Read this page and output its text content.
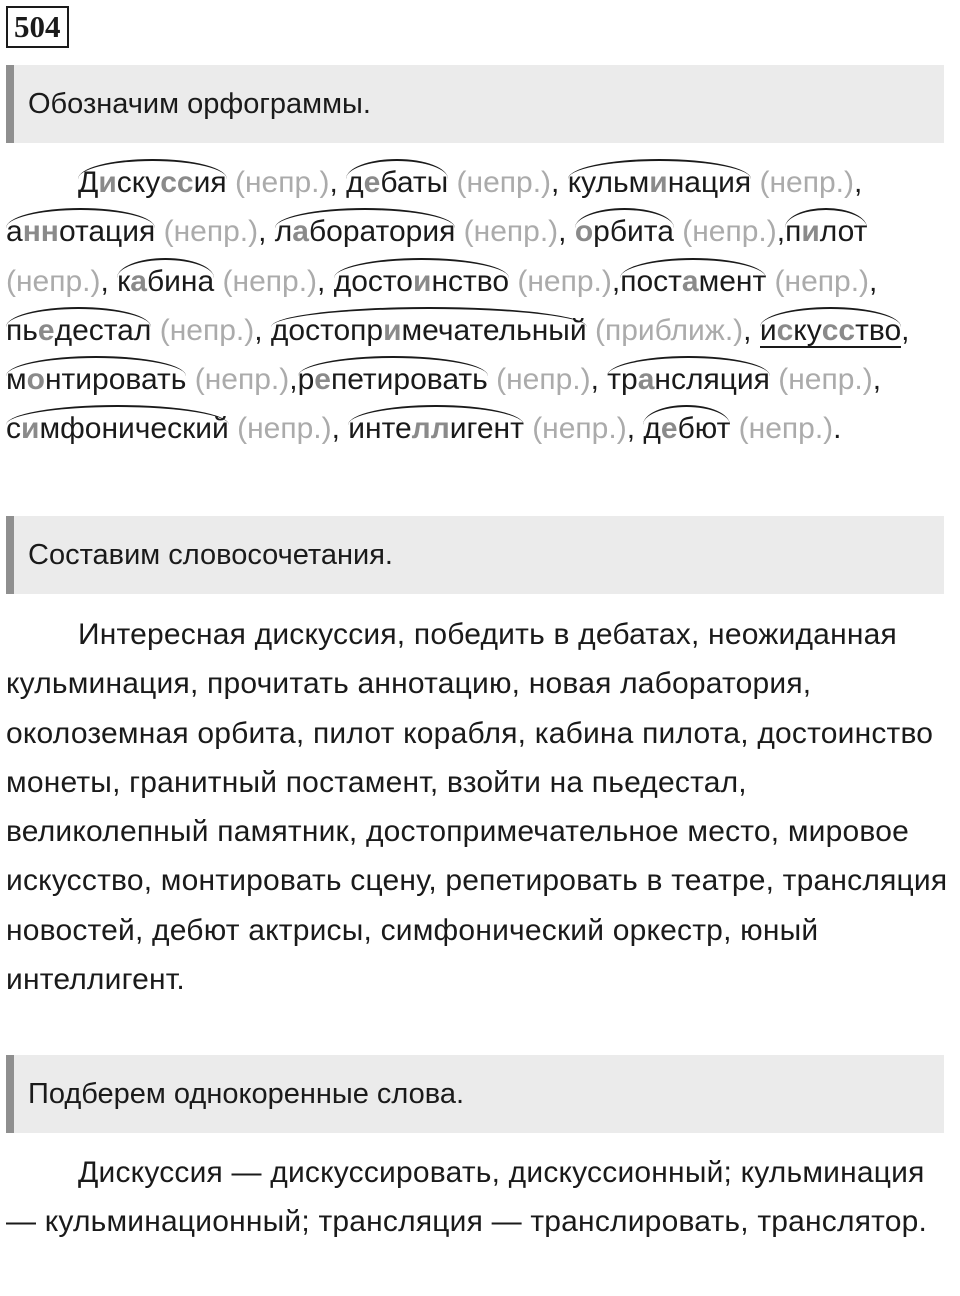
504
Обозначим орфограммы.

Дискуссия (непр.), дебаты (непр.), кульминация (непр.),аннотация (непр.), лаборатория (непр.), орбита (непр.),пилот (непр.), кабина (непр.), достоинство (непр.),постамент (непр.), пьедестал (непр.), достопримечательный (приближ.), искусство, монтировать (непр.),репетировать (непр.), трансляция (непр.),симфонический (непр.), интеллигент (непр.), дебют (непр.).

Составим словосочетания.

Интересная дискуссия, победить в дебатах, неожиданная кульминация, прочитать аннотацию, новая лаборатория, околоземная орбита, пилот корабля, кабина пилота, достоинство монеты, гранитный постамент, взойти на пьедестал, великолепный памятник, достопримечательное место, мировое искусство, монтировать сцену, репетировать в театре, трансляция новостей, дебют актрисы, симфонический оркестр, юный интеллигент.

Подберем однокоренные слова.

Дискуссия — дискуссировать, дискуссионный; кульминация — кульминационный; трансляция — транслировать, транслятор.
